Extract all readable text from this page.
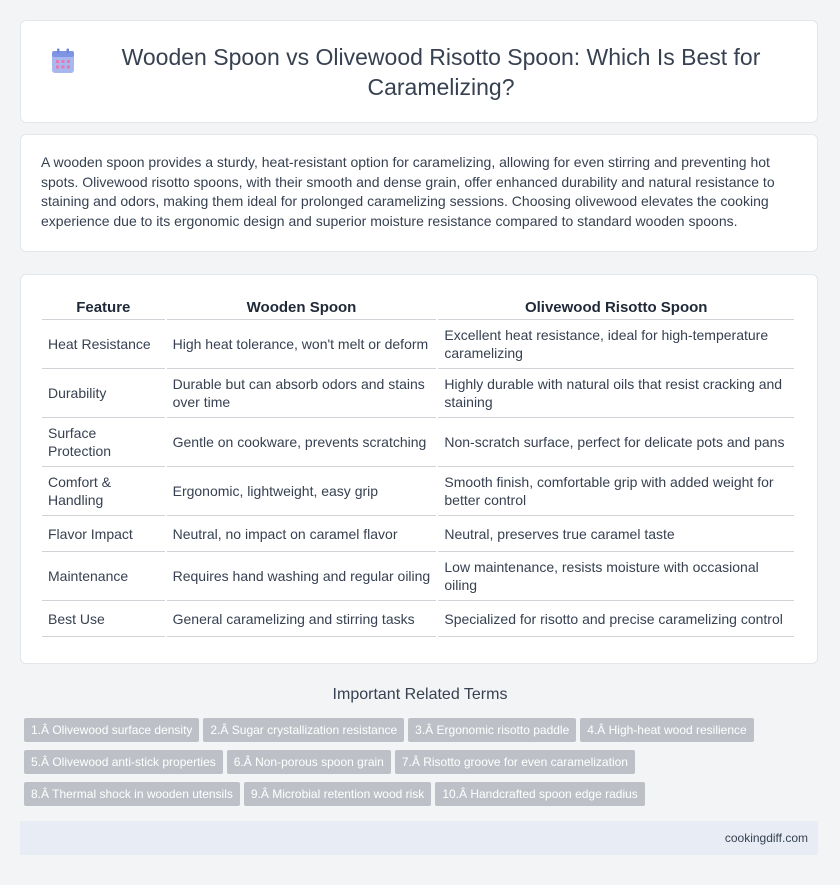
Wooden Spoon vs Olivewood Risotto Spoon: Which Is Best for Caramelizing?

A wooden spoon provides a sturdy, heat-resistant option for caramelizing, allowing for even stirring and preventing hot spots. Olivewood risotto spoons, with their smooth and dense grain, offer enhanced durability and natural resistance to staining and odors, making them ideal for prolonged caramelizing sessions. Choosing olivewood elevates the cooking experience due to its ergonomic design and superior moisture resistance compared to standard wooden spoons.

Feature	Wooden Spoon	Olivewood Risotto Spoon
Heat Resistance	High heat tolerance, won't melt or deform	Excellent heat resistance, ideal for high-temperature caramelizing
Durability	Durable but can absorb odors and stains over time	Highly durable with natural oils that resist cracking and staining
Surface Protection	Gentle on cookware, prevents scratching	Non-scratch surface, perfect for delicate pots and pans
Comfort & Handling	Ergonomic, lightweight, easy grip	Smooth finish, comfortable grip with added weight for better control
Flavor Impact	Neutral, no impact on caramel flavor	Neutral, preserves true caramel taste
Maintenance	Requires hand washing and regular oiling	Low maintenance, resists moisture with occasional oiling
Best Use	General caramelizing and stirring tasks	Specialized for risotto and precise caramelizing control
Important Related Terms
1.Â Olivewood surface density 2.Â Sugar crystallization resistance 3.Â Ergonomic risotto paddle 4.Â High-heat wood resilience
5.Â Olivewood anti-stick properties 6.Â Non-porous spoon grain 7.Â Risotto groove for even caramelization
8.Â Thermal shock in wooden utensils 9.Â Microbial retention wood risk 10.Â Handcrafted spoon edge radius
cookingdiff.com
